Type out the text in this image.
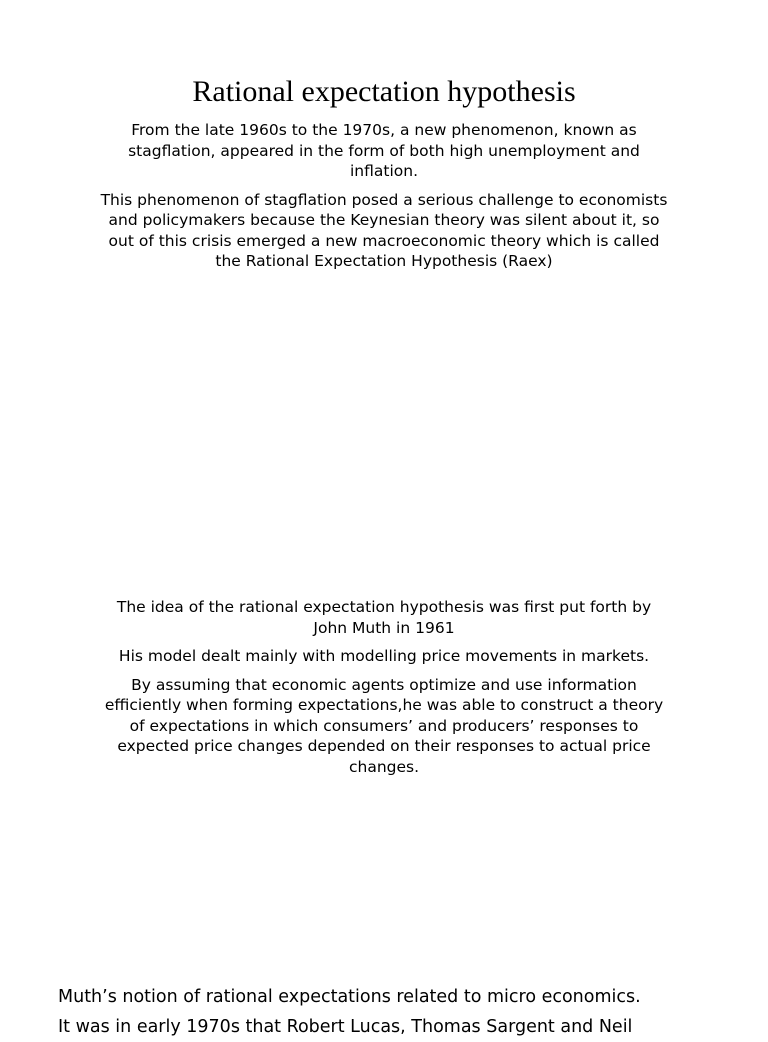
Rational expectation hypothesis

From the late 1960s to the 1970s, a new phenomenon, known as stagflation, appeared in the form of both high unemployment and inflation.

This phenomenon of stagflation posed a serious challenge to economists and policymakers because the Keynesian theory was silent about it, so out of this crisis emerged a new macroeconomic theory which is called the Rational Expectation Hypothesis (Raex)

The idea of the rational expectation hypothesis was first put forth by John Muth in 1961

His model dealt mainly with modelling price movements in markets.

By assuming that economic agents optimize and use information efficiently when forming expectations,he was able to construct a theory of expectations in which consumers’ and producers’ responses to expected price changes depended on their responses to actual price changes.

Muth’s notion of rational expectations related to micro economics.

It was in early 1970s that Robert Lucas, Thomas Sargent and Neil
